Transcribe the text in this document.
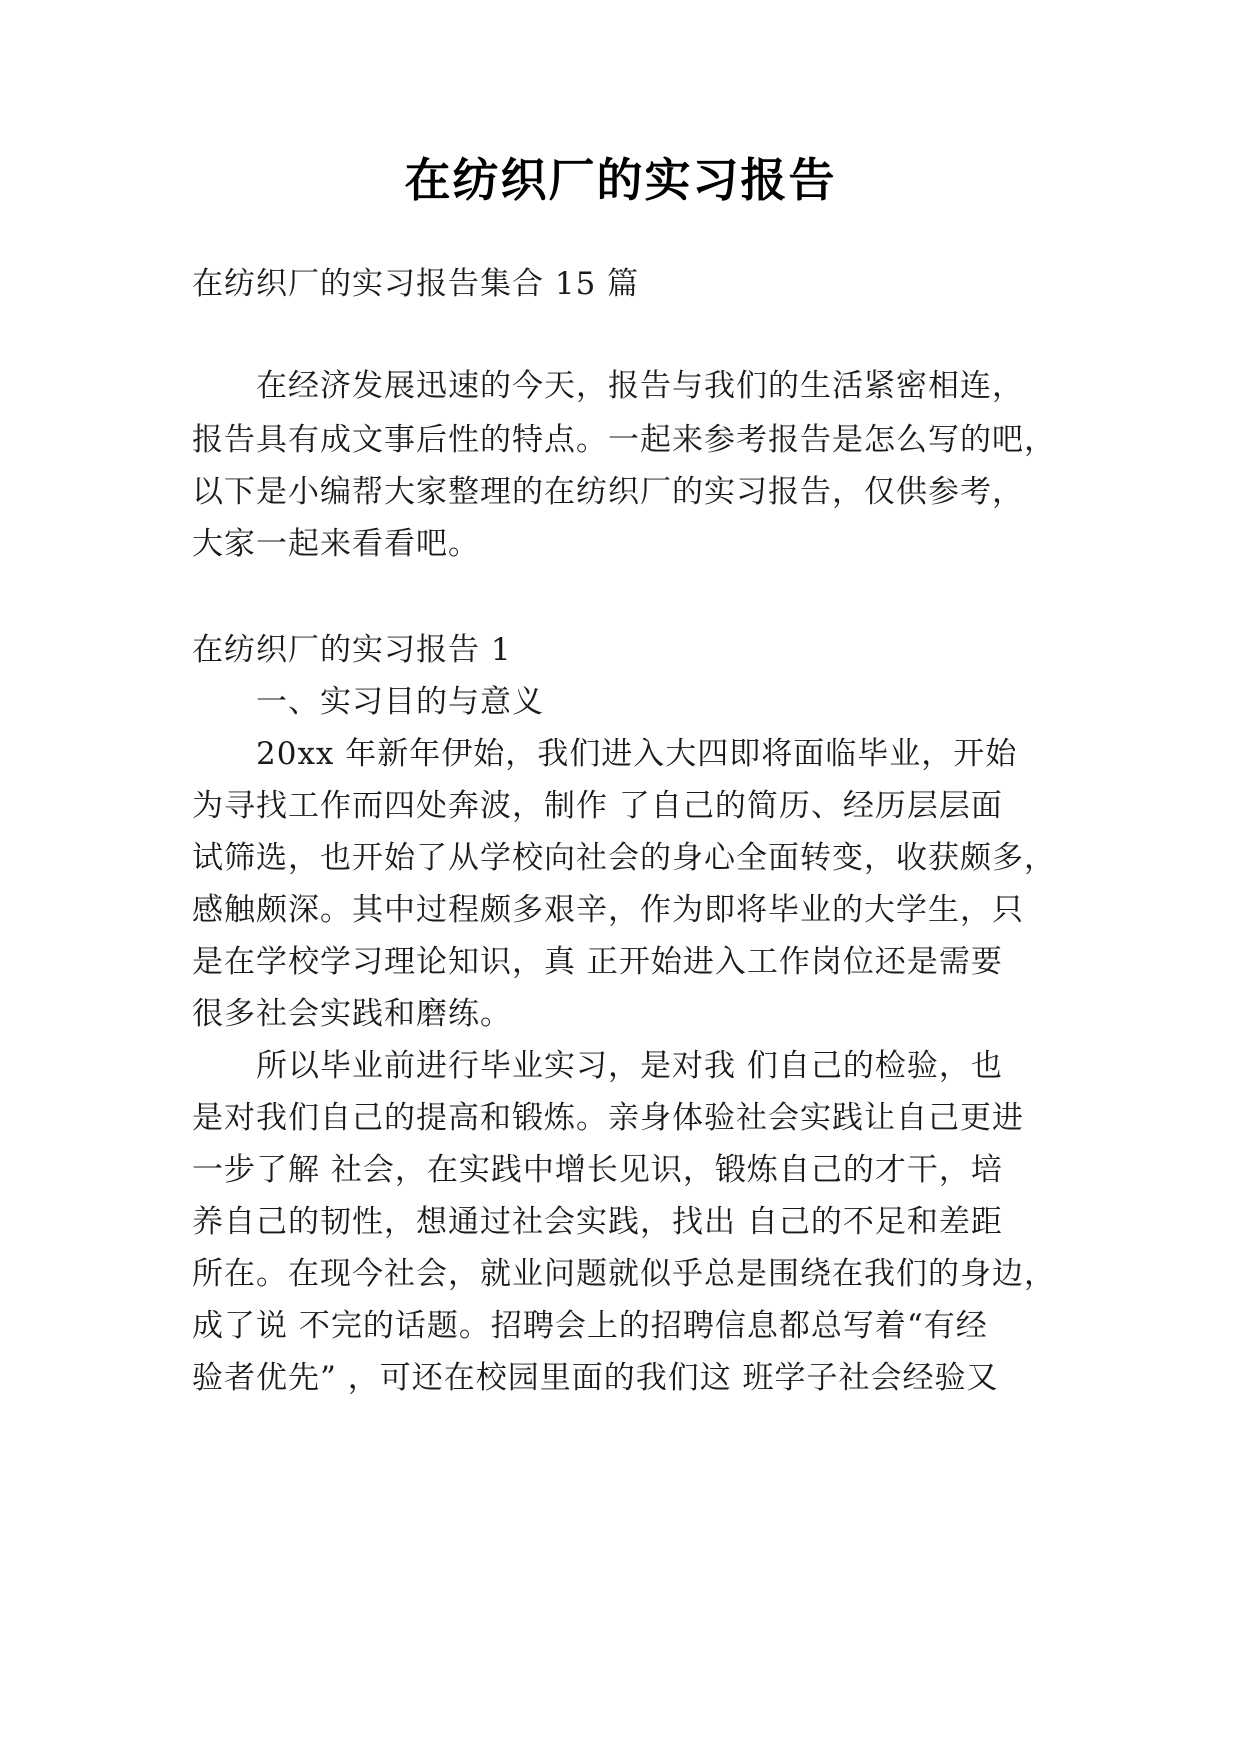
在纺织厂的实习报告
在纺织厂的实习报告集合 15 篇
在经济发展迅速的今天，报告与我们的生活紧密相连，
报告具有成文事后性的特点。一起来参考报告是怎么写的吧，
以下是小编帮大家整理的在纺织厂的实习报告，仅供参考，
大家一起来看看吧。
在纺织厂的实习报告 1
一、实习目的与意义
20xx 年新年伊始，我们进入大四即将面临毕业，开始
为寻找工作而四处奔波，制作 了自己的简历、经历层层面
试筛选，也开始了从学校向社会的身心全面转变，收获颇多，
感触颇深。其中过程颇多艰辛，作为即将毕业的大学生，只
是在学校学习理论知识，真 正开始进入工作岗位还是需要
很多社会实践和磨练。
所以毕业前进行毕业实习，是对我 们自己的检验，也
是对我们自己的提高和锻炼。亲身体验社会实践让自己更进
一步了解 社会，在实践中增长见识，锻炼自己的才干，培
养自己的韧性，想通过社会实践，找出 自己的不足和差距
所在。在现今社会，就业问题就似乎总是围绕在我们的身边，
成了说 不完的话题。招聘会上的招聘信息都总写着“有经
验者优先” ，可还在校园里面的我们这 班学子社会经验又
